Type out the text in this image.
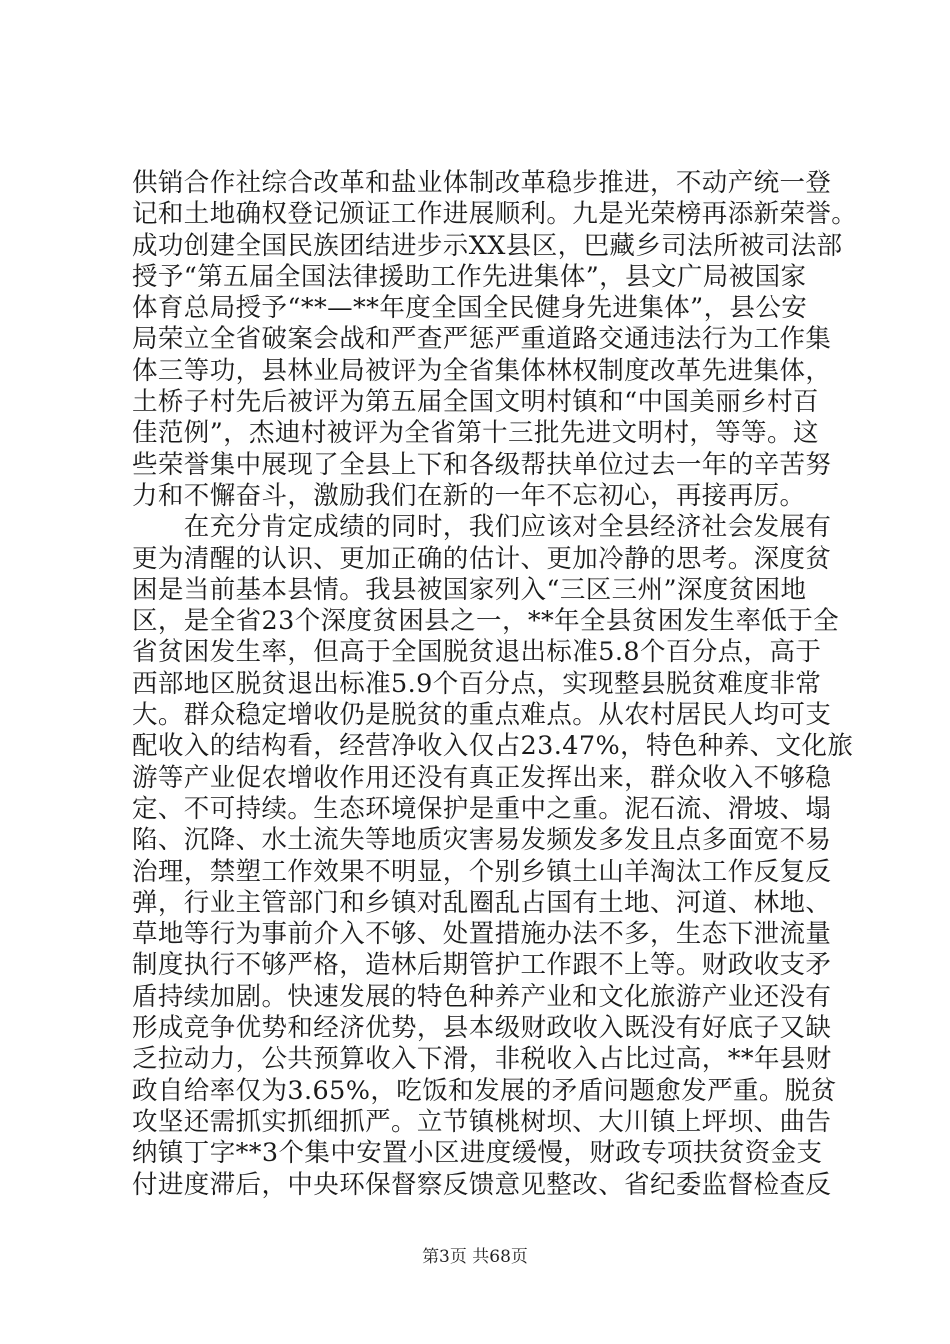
供销合作社综合改革和盐业体制改革稳步推进，不动产统一登
记和土地确权登记颁证工作进展顺利。九是光荣榜再添新荣誉。
成功创建全国民族团结进步示XX县区，巴藏乡司法所被司法部
授予“第五届全国法律援助工作先进集体”，县文广局被国家
体育总局授予“**—**年度全国全民健身先进集体”，县公安
局荣立全省破案会战和严查严惩严重道路交通违法行为工作集
体三等功，县林业局被评为全省集体林权制度改革先进集体，
土桥子村先后被评为第五届全国文明村镇和“中国美丽乡村百
佳范例”，杰迪村被评为全省第十三批先进文明村，等等。这
些荣誉集中展现了全县上下和各级帮扶单位过去一年的辛苦努
力和不懈奋斗，激励我们在新的一年不忘初心，再接再厉。
　　在充分肯定成绩的同时，我们应该对全县经济社会发展有
更为清醒的认识、更加正确的估计、更加冷静的思考。深度贫
困是当前基本县情。我县被国家列入“三区三州”深度贫困地
区，是全省23个深度贫困县之一，**年全县贫困发生率低于全
省贫困发生率，但高于全国脱贫退出标准5.8个百分点，高于
西部地区脱贫退出标准5.9个百分点，实现整县脱贫难度非常
大。群众稳定增收仍是脱贫的重点难点。从农村居民人均可支
配收入的结构看，经营净收入仅占23.47%，特色种养、文化旅
游等产业促农增收作用还没有真正发挥出来，群众收入不够稳
定、不可持续。生态环境保护是重中之重。泥石流、滑坡、塌
陷、沉降、水土流失等地质灾害易发频发多发且点多面宽不易
治理，禁塑工作效果不明显，个别乡镇土山羊淘汰工作反复反
弹，行业主管部门和乡镇对乱圈乱占国有土地、河道、林地、
草地等行为事前介入不够、处置措施办法不多，生态下泄流量
制度执行不够严格，造林后期管护工作跟不上等。财政收支矛
盾持续加剧。快速发展的特色种养产业和文化旅游产业还没有
形成竞争优势和经济优势，县本级财政收入既没有好底子又缺
乏拉动力，公共预算收入下滑，非税收入占比过高，**年县财
政自给率仅为3.65%，吃饭和发展的矛盾问题愈发严重。脱贫
攻坚还需抓实抓细抓严。立节镇桃树坝、大川镇上坪坝、曲告
纳镇丁字**3个集中安置小区进度缓慢，财政专项扶贫资金支
付进度滞后，中央环保督察反馈意见整改、省纪委监督检查反
第3页 共68页
